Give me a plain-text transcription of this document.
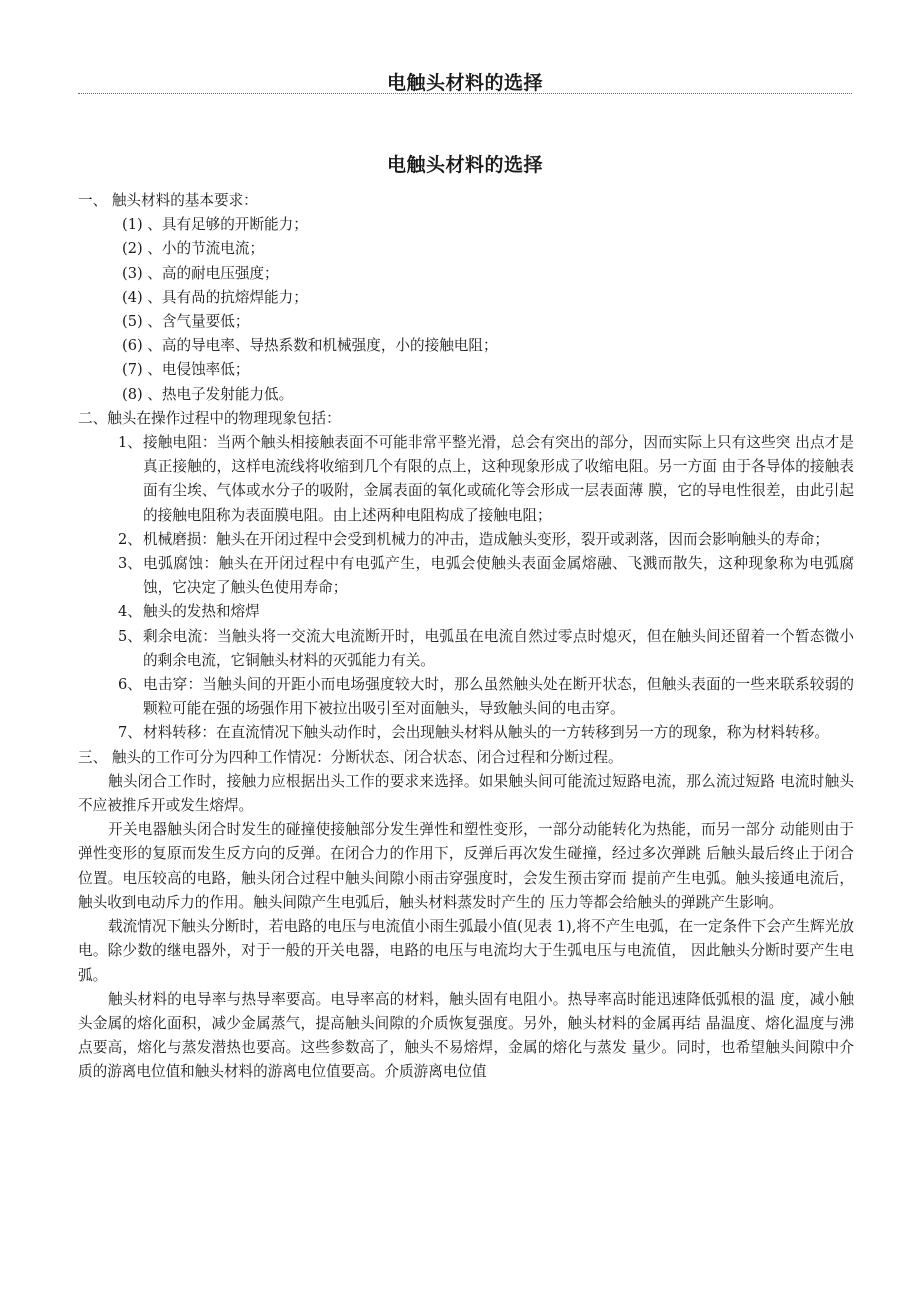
电触头材料的选择
电触头材料的选择
一、 触头材料的基本要求：
(1) 、具有足够的开断能力；
(2) 、小的节流电流；
(3) 、高的耐电压强度；
(4) 、具有咼的抗熔焊能力；
(5) 、含气量要低；
(6) 、高的导电率、导热系数和机械强度，小的接触电阻；
(7) 、电侵蚀率低；
(8) 、热电子发射能力低。
二、触头在操作过程中的物理现象包括：
1、 接触电阻：当两个触头相接触表面不可能非常平整光滑，总会有突出的部分，因而实际上只有这些突 出点才是真正接触的，这样电流线将收缩到几个有限的点上，这种现象形成了收缩电阻。另一方面 由于各导体的接触表面有尘埃、气体或水分子的吸附，金属表面的氧化或硫化等会形成一层表面薄 膜，它的导电性很差，由此引起的接触电阻称为表面膜电阻。由上述两种电阻构成了接触电阻；
2、 机械磨损：触头在开闭过程中会受到机械力的冲击，造成触头变形，裂开或剥落，因而会影响触头的寿命；
3、 电弧腐蚀：触头在开闭过程中有电弧产生，电弧会使触头表面金属熔融、飞溅而散失，这种现象称为电弧腐蚀，它决定了触头色使用寿命；
4、 触头的发热和熔焊
5、 剩余电流：当触头将一交流大电流断开时，电弧虽在电流自然过零点时熄灭，但在触头间还留着一个暂态微小的剩余电流，它铜触头材料的灭弧能力有关。
6、 电击穿：当触头间的开距小而电场强度较大时，那么虽然触头处在断开状态，但触头表面的一些来联系较弱的颗粒可能在强的场强作用下被拉出吸引至对面触头，导致触头间的电击穿。
7、 材料转移：在直流情况下触头动作时，会出现触头材料从触头的一方转移到另一方的现象，称为材料转移。
三、 触头的工作可分为四种工作情况：分断状态、闭合状态、闭合过程和分断过程。
触头闭合工作时，接触力应根据出头工作的要求来选择。如果触头间可能流过短路电流，那么流过短路 电流时触头不应被推斥开或发生熔焊。
开关电器触头闭合时发生的碰撞使接触部分发生弹性和塑性变形，一部分动能转化为热能，而另一部分 动能则由于弹性变形的复原而发生反方向的反弹。在闭合力的作用下，反弹后再次发生碰撞，经过多次弹跳 后触头最后终止于闭合位置。电压较高的电路，触头闭合过程中触头间隙小雨击穿强度时，会发生预击穿而 提前产生电弧。触头接通电流后，触头收到电动斥力的作用。触头间隙产生电弧后，触头材料蒸发时产生的 压力等都会给触头的弹跳产生影响。
载流情况下触头分断时，若电路的电压与电流值小雨生弧最小值(见表 1),将不产生电弧，在一定条件下会产生辉光放电。除少数的继电器外，对于一般的开关电器，电路的电压与电流均大于生弧电压与电流值， 因此触头分断时要产生电弧。
触头材料的电导率与热导率要高。电导率高的材料，触头固有电阻小。热导率高时能迅速降低弧根的温 度，减小触头金属的熔化面积，减少金属蒸气，提高触头间隙的介质恢复强度。另外，触头材料的金属再结 晶温度、熔化温度与沸点要高，熔化与蒸发潜热也要高。这些参数高了，触头不易熔焊，金属的熔化与蒸发 量少。同时，也希望触头间隙中介质的游离电位值和触头材料的游离电位值要高。介质游离电位值
